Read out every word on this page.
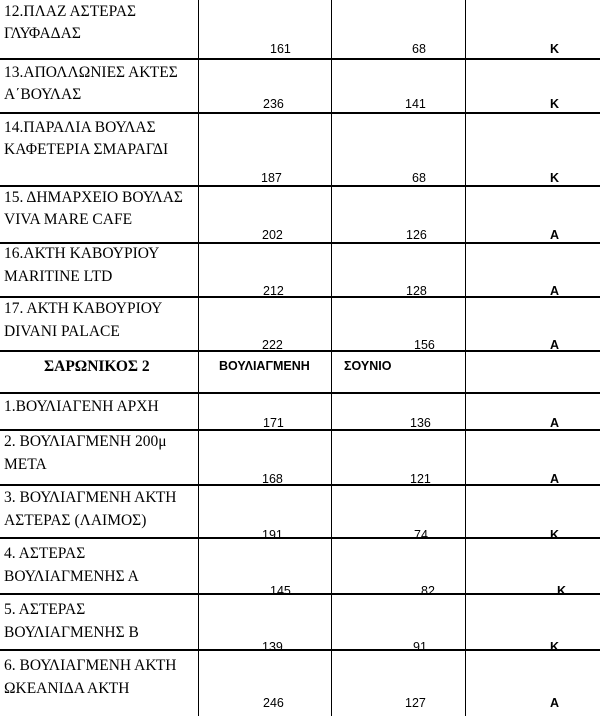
12.ΠΛΑΖ ΑΣΤΕΡΑΣ
ΓΛΥΦΑΔΑΣ
161	68	Κ
13.ΑΠΟΛΛΩΝΙΕΣ ΑΚΤΕΣ
Α΄ΒΟΥΛΑΣ
236	141	Κ
14.ΠΑΡΑΛΙΑ ΒΟΥΛΑΣ
ΚΑΦΕΤΕΡΙΑ ΣΜΑΡΑΓΔΙ
187	68	Κ
15. ΔΗΜΑΡΧΕΙΟ ΒΟΥΛΑΣ
VIVA MARE CAFE
202	126	Α
16.ΑΚΤΗ ΚΑΒΟΥΡΙΟΥ
MARITINE LTD
212	128	Α
17. ΑΚΤΗ ΚΑΒΟΥΡΙΟΥ
DIVANI PALACE
222	156	Α
ΣΑΡΩΝΙΚΟΣ 2	ΒΟΥΛΙΑΓΜΕΝΗ	ΣΟΥΝΙΟ
1.ΒΟΥΛΙΑΓΕΝΗ ΑΡΧΗ
171	136	Α
2. ΒΟΥΛΙΑΓΜΕΝΗ 200μ
ΜΕΤΑ
168	121	Α
3. ΒΟΥΛΙΑΓΜΕΝΗ ΑΚΤΗ
ΑΣΤΕΡΑΣ (ΛΑΙΜΟΣ)
191	74	Κ
4. ΑΣΤΕΡΑΣ
ΒΟΥΛΙΑΓΜΕΝΗΣ Α
145	82	Κ
5. ΑΣΤΕΡΑΣ
ΒΟΥΛΙΑΓΜΕΝΗΣ Β
139	91	Κ
6. ΒΟΥΛΙΑΓΜΕΝΗ ΑΚΤΗ
ΩΚΕΑΝΙΔΑ ΑΚΤΗ
246	127	Α
